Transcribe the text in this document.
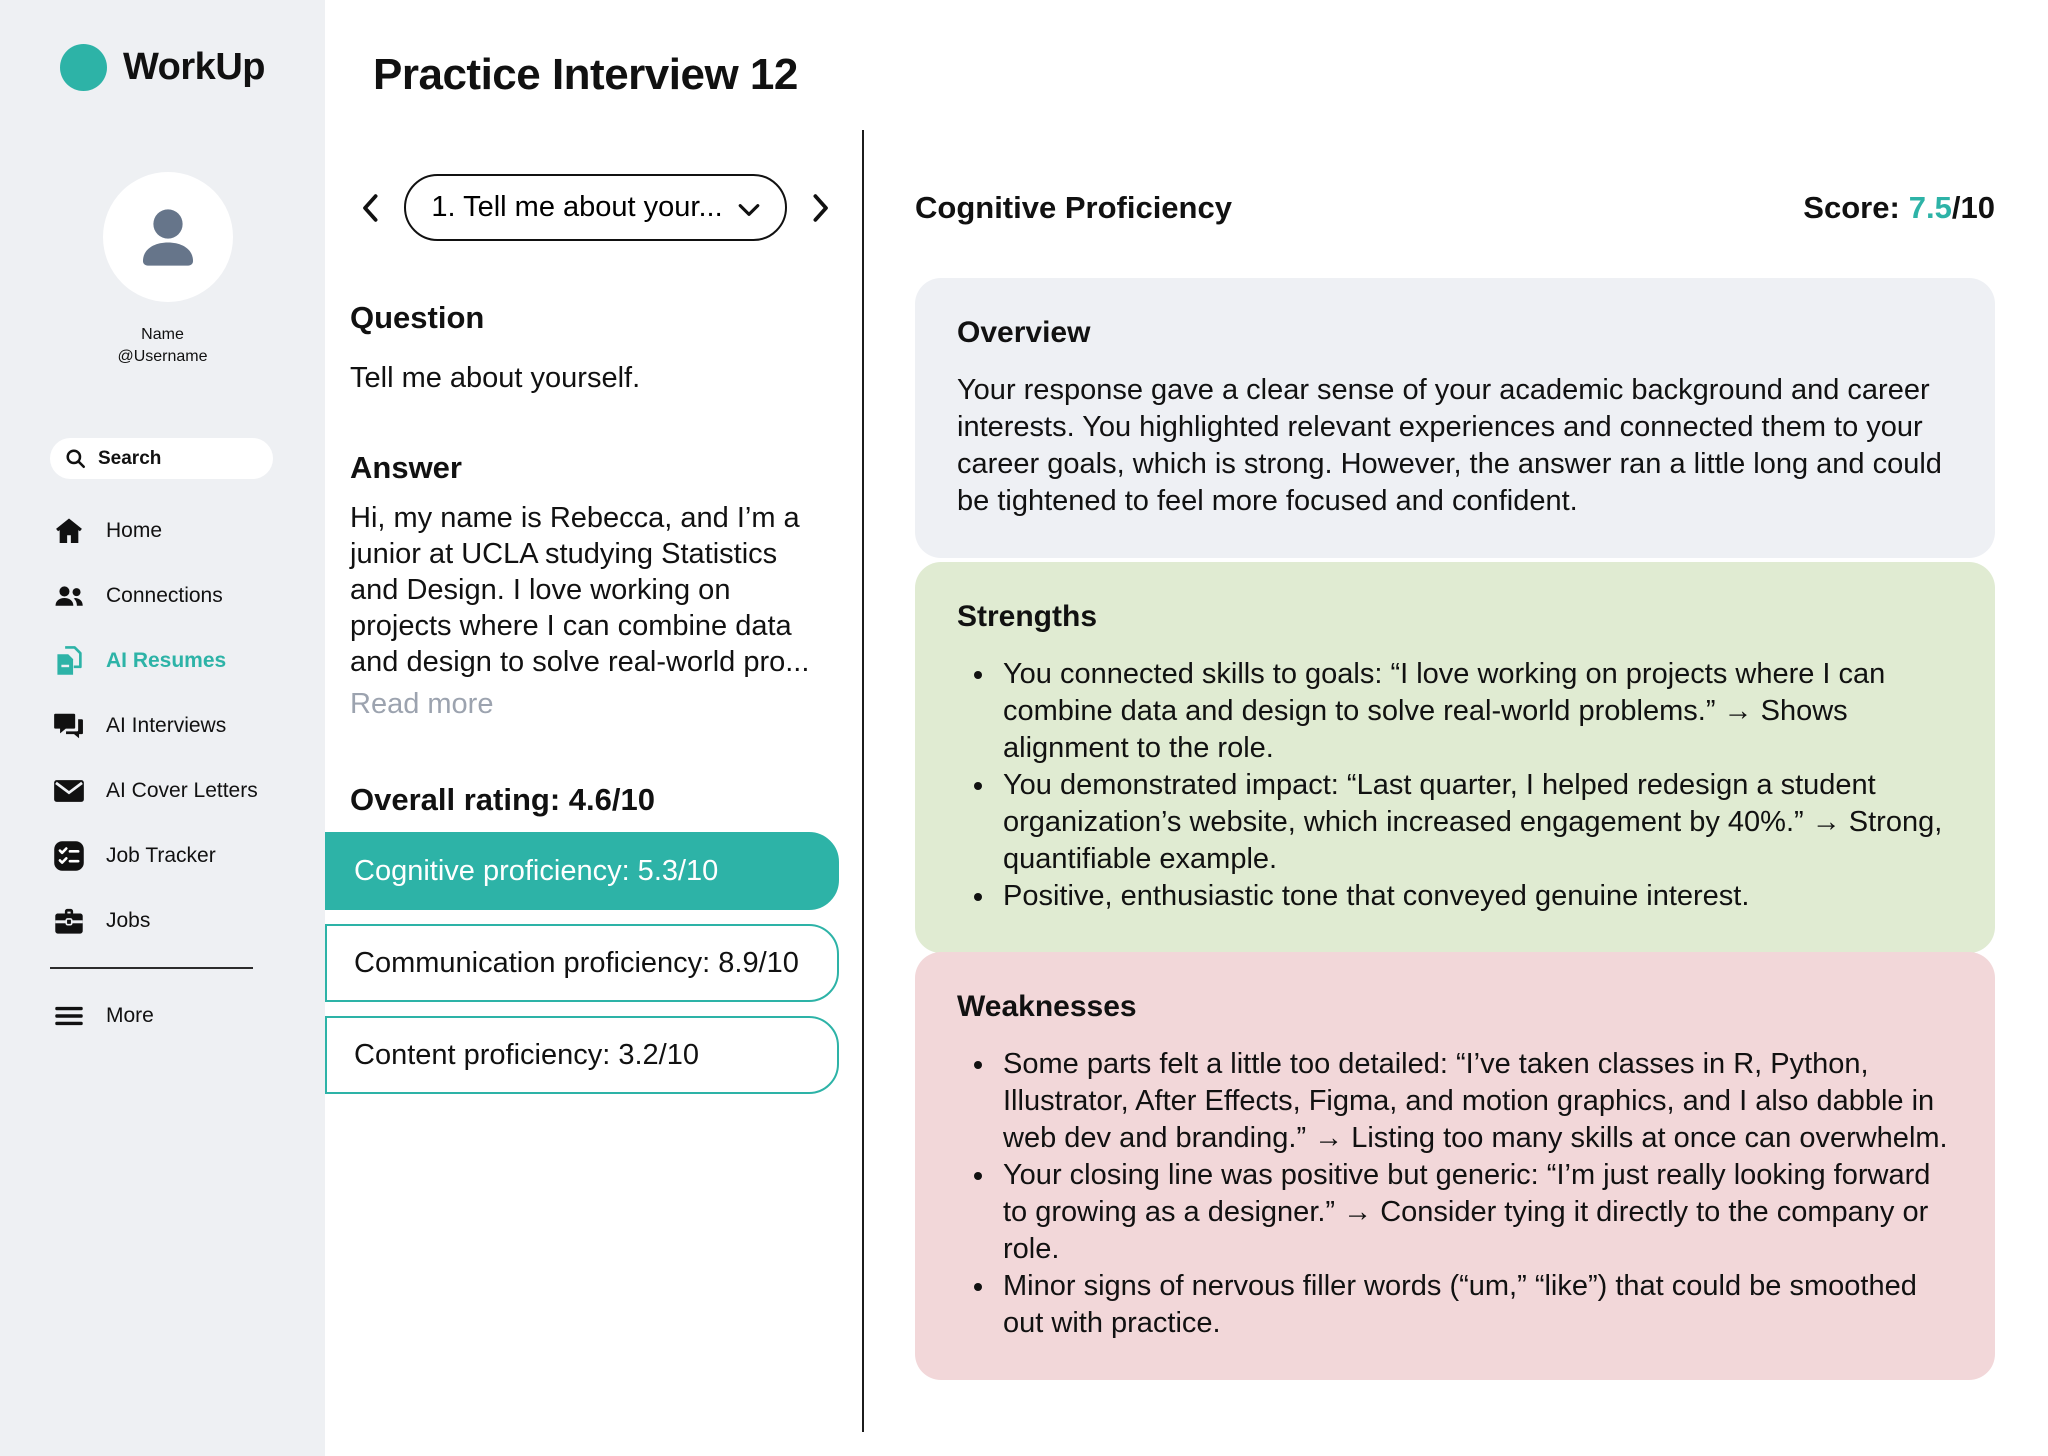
WorkUp
Name
@Username
Search
Home
Connections
AI Resumes
AI Interviews
AI Cover Letters
Job Tracker
Jobs
More
Practice Interview 12
1. Tell me about your...
Question

Tell me about yourself.

Answer

Hi, my name is Rebecca, and I’m a junior at UCLA studying Statistics and Design. I love working on projects where I can combine data and design to solve real-world pro...

Read more
Overall rating: 4.6/10
Cognitive proficiency: 5.3/10
Communication proficiency: 8.9/10
Content proficiency: 3.2/10
Cognitive Proficiency	Score: 7.5/10
Overview

Your response gave a clear sense of your academic background and career interests. You highlighted relevant experiences and connected them to your career goals, which is strong. However, the answer ran a little long and could be tightened to feel more focused and confident.

Strengths
• You connected skills to goals: “I love working on projects where I can combine data and design to solve real-world problems.” → Shows alignment to the role.
• You demonstrated impact: “Last quarter, I helped redesign a student organization’s website, which increased engagement by 40%.” → Strong, quantifiable example.
• Positive, enthusiastic tone that conveyed genuine interest.
Weaknesses
• Some parts felt a little too detailed: “I’ve taken classes in R, Python, Illustrator, After Effects, Figma, and motion graphics, and I also dabble in web dev and branding.” → Listing too many skills at once can overwhelm.
• Your closing line was positive but generic: “I’m just really looking forward to growing as a designer.” → Consider tying it directly to the company or role.
• Minor signs of nervous filler words (“um,” “like”) that could be smoothed out with practice.
